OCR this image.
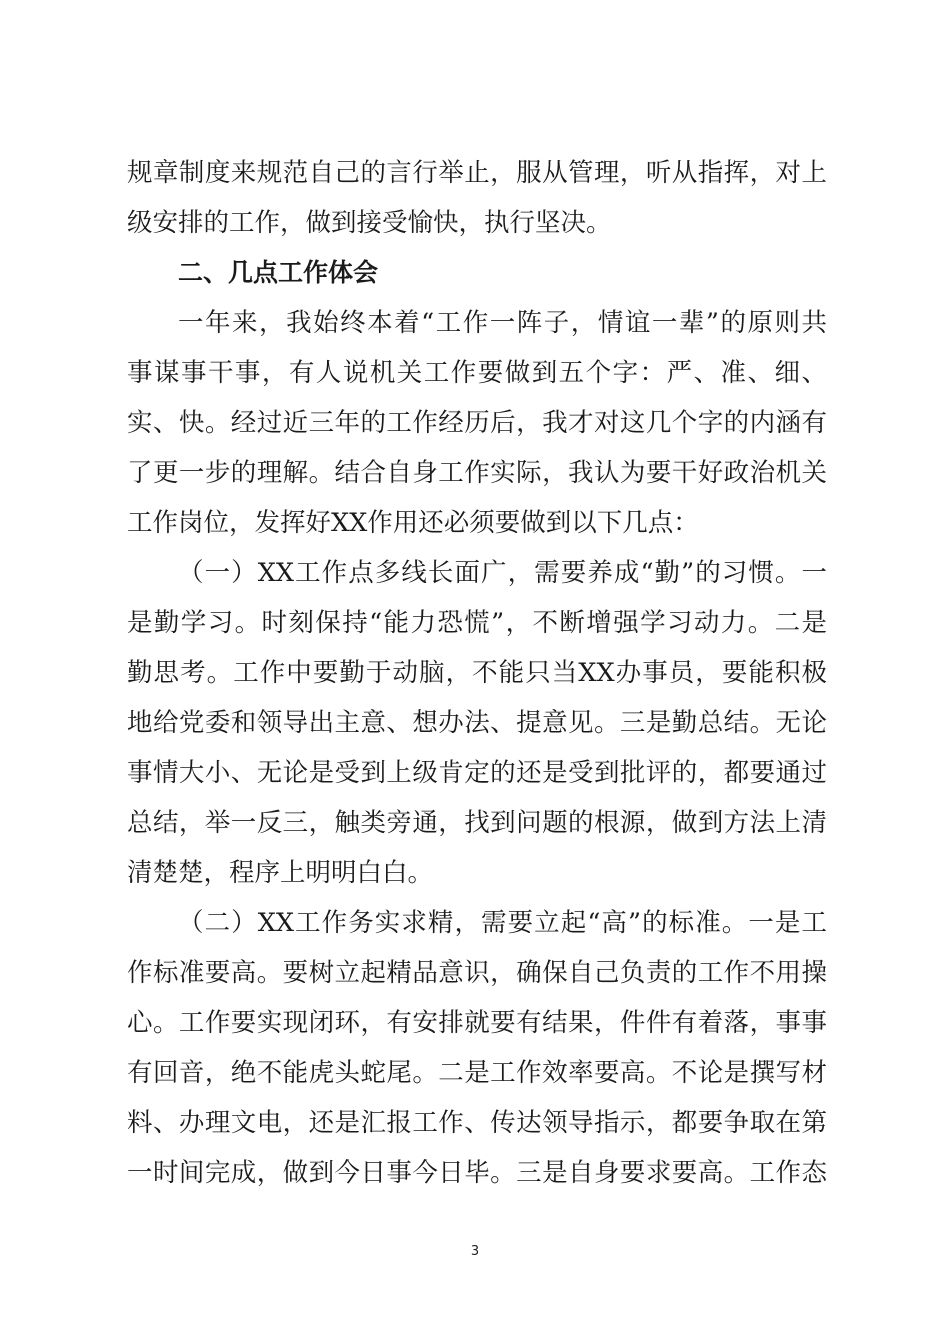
规章制度来规范自己的言行举止，服从管理，听从指挥，对上
级安排的工作，做到接受愉快，执行坚决。
二、几点工作体会
一年来，我始终本着“工作一阵子，情谊一辈”的原则共
事谋事干事，有人说机关工作要做到五个字：严、准、细、
实、快。经过近三年的工作经历后，我才对这几个字的内涵有
了更一步的理解。结合自身工作实际，我认为要干好政治机关
工作岗位，发挥好XX作用还必须要做到以下几点：
（一）XX工作点多线长面广，需要养成“勤”的习惯。一
是勤学习。时刻保持“能力恐慌”，不断增强学习动力。二是
勤思考。工作中要勤于动脑，不能只当XX办事员，要能积极
地给党委和领导出主意、想办法、提意见。三是勤总结。无论
事情大小、无论是受到上级肯定的还是受到批评的，都要通过
总结，举一反三，触类旁通，找到问题的根源，做到方法上清
清楚楚，程序上明明白白。
（二）XX工作务实求精，需要立起“高”的标准。一是工
作标准要高。要树立起精品意识，确保自己负责的工作不用操
心。工作要实现闭环，有安排就要有结果，件件有着落，事事
有回音，绝不能虎头蛇尾。二是工作效率要高。不论是撰写材
料、办理文电，还是汇报工作、传达领导指示，都要争取在第
一时间完成，做到今日事今日毕。三是自身要求要高。工作态
3
